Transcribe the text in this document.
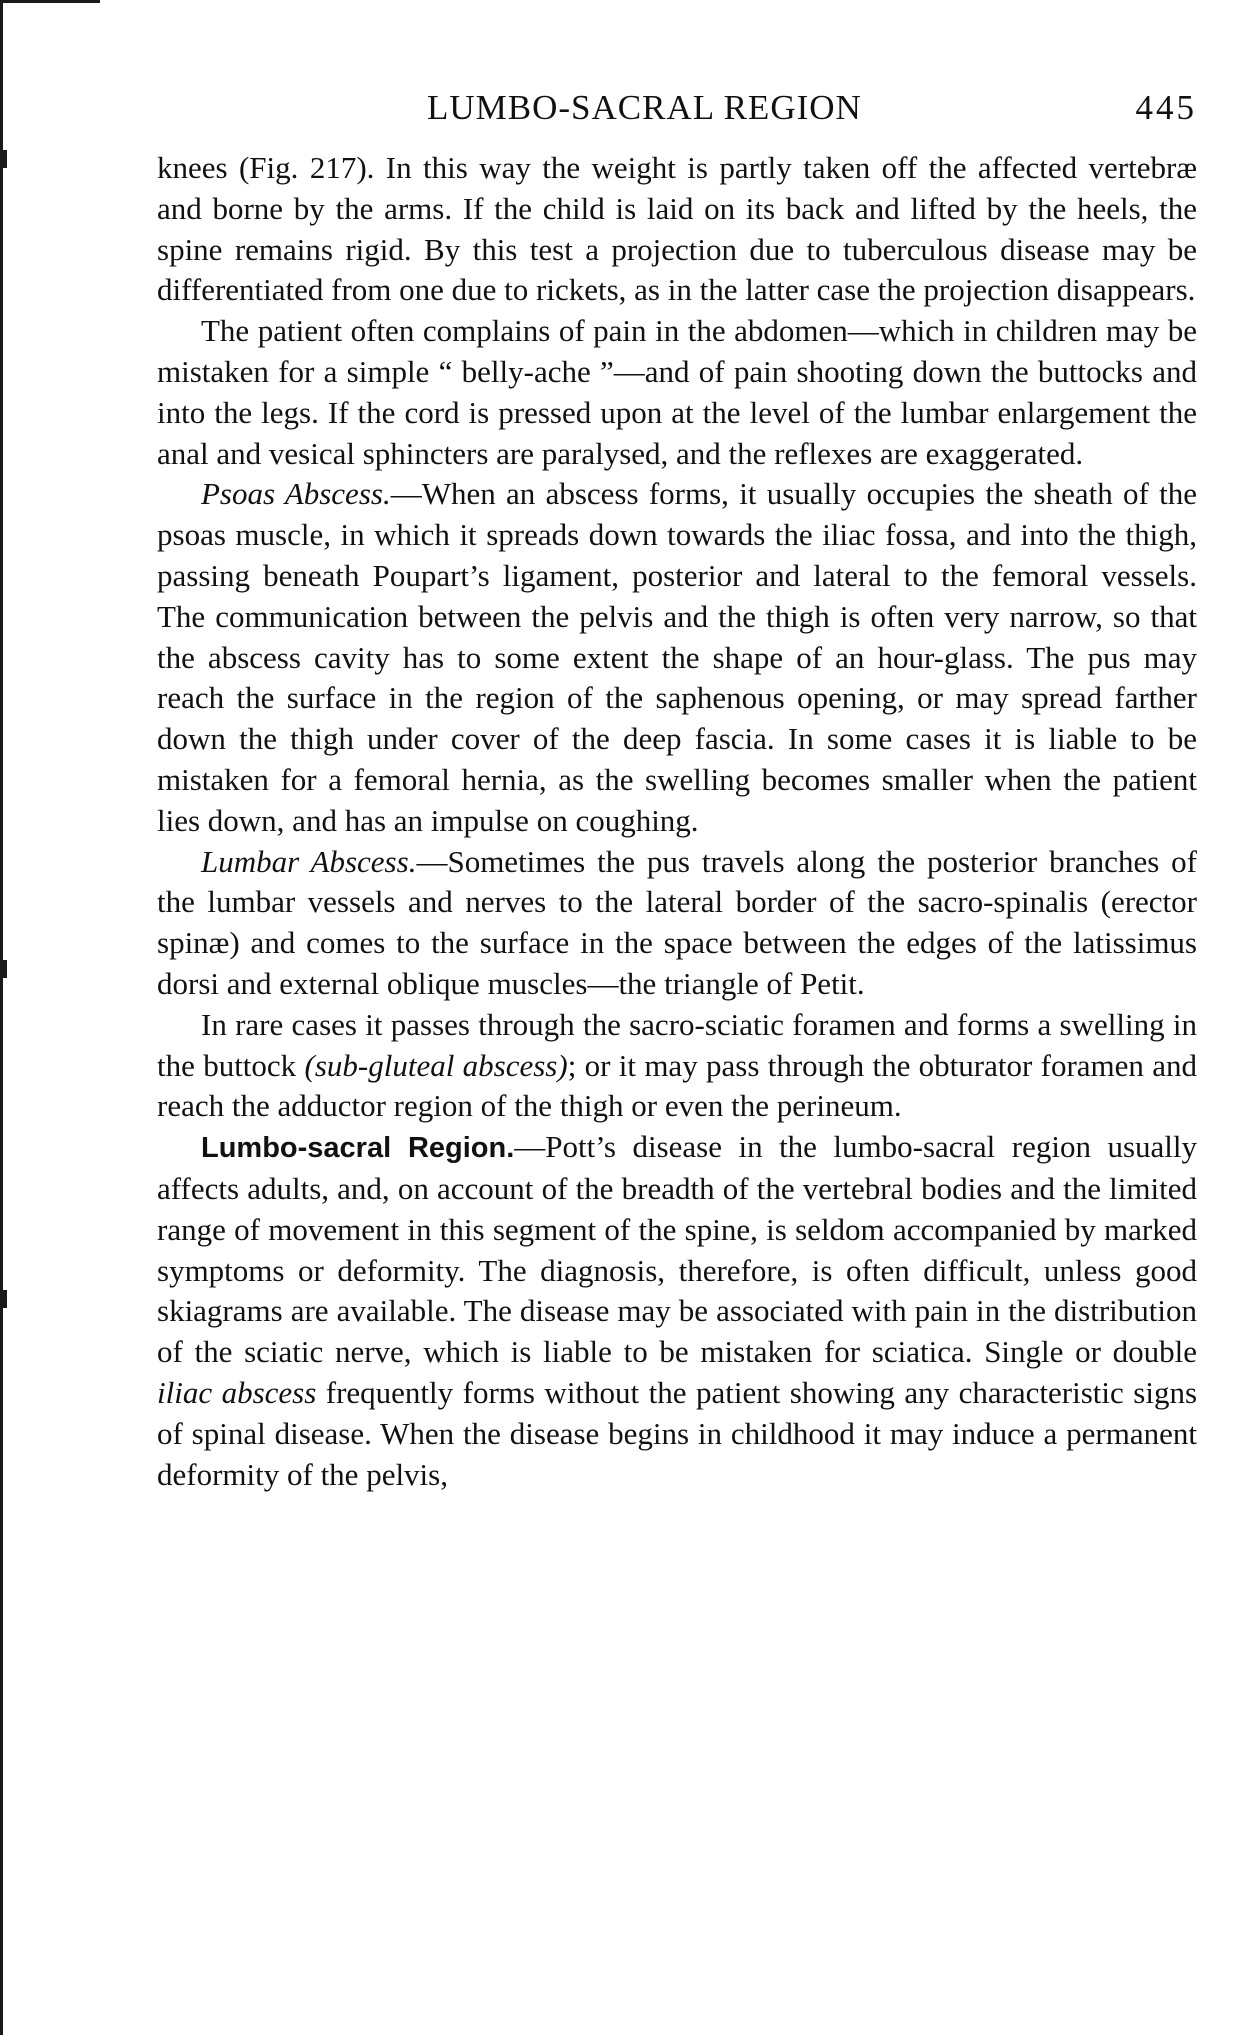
LUMBO-SACRAL REGION	445

knees (Fig. 217). In this way the weight is partly taken off the affected vertebræ and borne by the arms. If the child is laid on its back and lifted by the heels, the spine remains rigid. By this test a projection due to tuberculous disease may be differentiated from one due to rickets, as in the latter case the projection disappears.

The patient often complains of pain in the abdomen—which in children may be mistaken for a simple “ belly-ache ”—and of pain shooting down the buttocks and into the legs. If the cord is pressed upon at the level of the lumbar enlargement the anal and vesical sphincters are paralysed, and the reflexes are exaggerated.

Psoas Abscess.—When an abscess forms, it usually occupies the sheath of the psoas muscle, in which it spreads down towards the iliac fossa, and into the thigh, passing beneath Poupart’s ligament, posterior and lateral to the femoral vessels. The communication between the pelvis and the thigh is often very narrow, so that the abscess cavity has to some extent the shape of an hour-glass. The pus may reach the surface in the region of the saphenous opening, or may spread farther down the thigh under cover of the deep fascia. In some cases it is liable to be mistaken for a femoral hernia, as the swelling becomes smaller when the patient lies down, and has an impulse on coughing.

Lumbar Abscess.—Sometimes the pus travels along the posterior branches of the lumbar vessels and nerves to the lateral border of the sacro-spinalis (erector spinæ) and comes to the surface in the space between the edges of the latissimus dorsi and external oblique muscles—the triangle of Petit.

In rare cases it passes through the sacro-sciatic foramen and forms a swelling in the buttock (sub-gluteal abscess); or it may pass through the obturator foramen and reach the adductor region of the thigh or even the perineum.

Lumbo-sacral Region.—Pott’s disease in the lumbo-sacral region usually affects adults, and, on account of the breadth of the vertebral bodies and the limited range of movement in this segment of the spine, is seldom accompanied by marked symptoms or deformity. The diagnosis, therefore, is often difficult, unless good skiagrams are available. The disease may be associated with pain in the distribution of the sciatic nerve, which is liable to be mistaken for sciatica. Single or double iliac abscess frequently forms without the patient showing any characteristic signs of spinal disease. When the disease begins in childhood it may induce a permanent deformity of the pelvis,
